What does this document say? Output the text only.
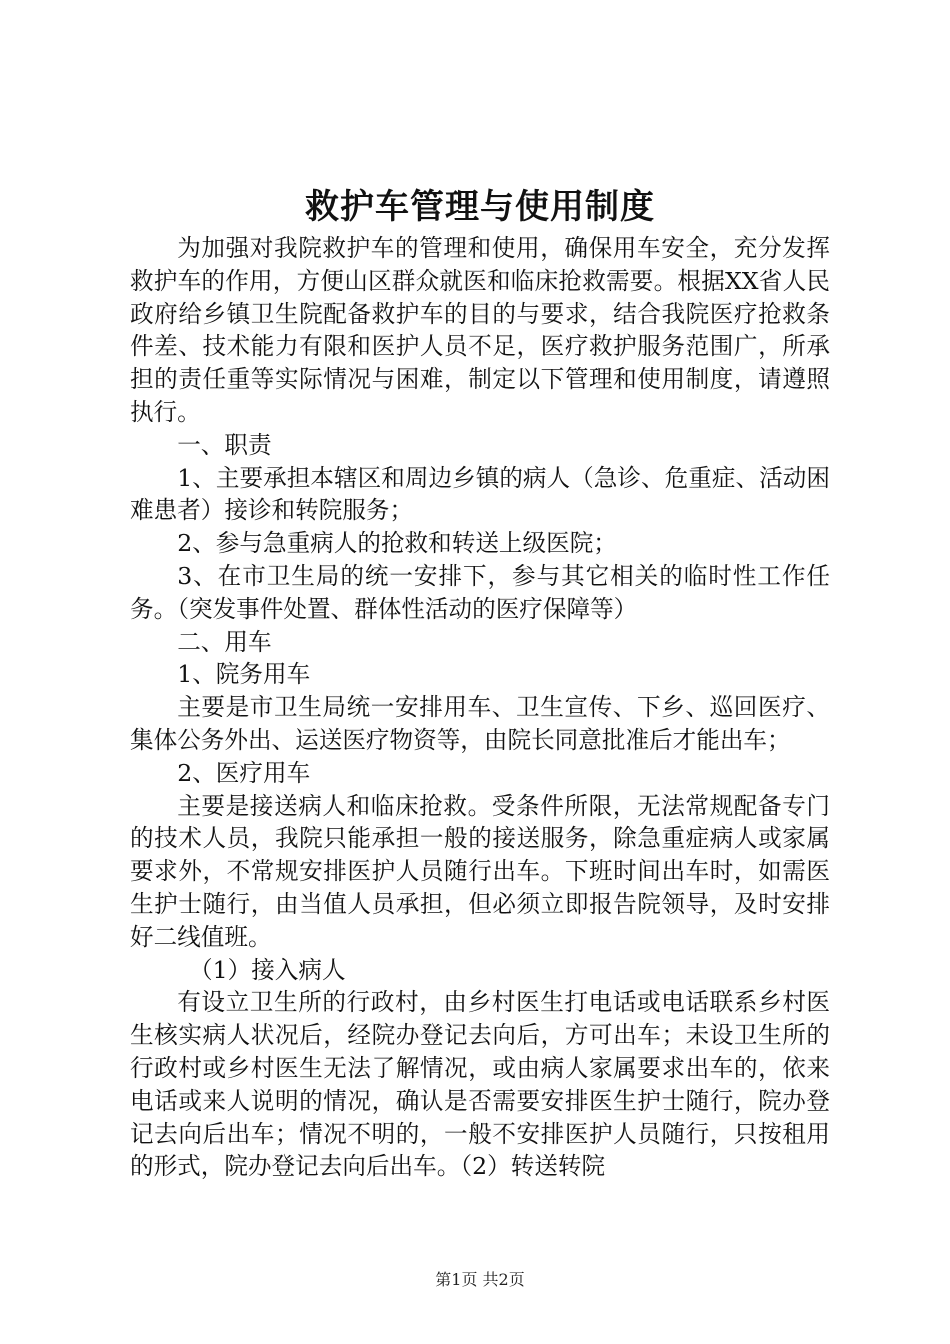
救护车管理与使用制度

为加强对我院救护车的管理和使用，确保用车安全，充分发挥救护车的作用，方便山区群众就医和临床抢救需要。根据XX省人民政府给乡镇卫生院配备救护车的目的与要求，结合我院医疗抢救条件差、技术能力有限和医护人员不足，医疗救护服务范围广，所承担的责任重等实际情况与困难，制定以下管理和使用制度，请遵照执行。

一、职责

1、主要承担本辖区和周边乡镇的病人（急诊、危重症、活动困难患者）接诊和转院服务；

2、参与急重病人的抢救和转送上级医院；

3、在市卫生局的统一安排下，参与其它相关的临时性工作任务。（突发事件处置、群体性活动的医疗保障等）

二、用车

1、院务用车

主要是市卫生局统一安排用车、卫生宣传、下乡、巡回医疗、集体公务外出、运送医疗物资等，由院长同意批准后才能出车；

2、医疗用车

主要是接送病人和临床抢救。受条件所限，无法常规配备专门的技术人员，我院只能承担一般的接送服务，除急重症病人或家属要求外，不常规安排医护人员随行出车。下班时间出车时，如需医生护士随行，由当值人员承担，但必须立即报告院领导，及时安排好二线值班。

（1）接入病人

有设立卫生所的行政村，由乡村医生打电话或电话联系乡村医生核实病人状况后，经院办登记去向后，方可出车；未设卫生所的行政村或乡村医生无法了解情况，或由病人家属要求出车的，依来电话或来人说明的情况，确认是否需要安排医生护士随行，院办登记去向后出车；情况不明的，一般不安排医护人员随行，只按租用的形式，院办登记去向后出车。（2）转送转院

第1页 共2页
